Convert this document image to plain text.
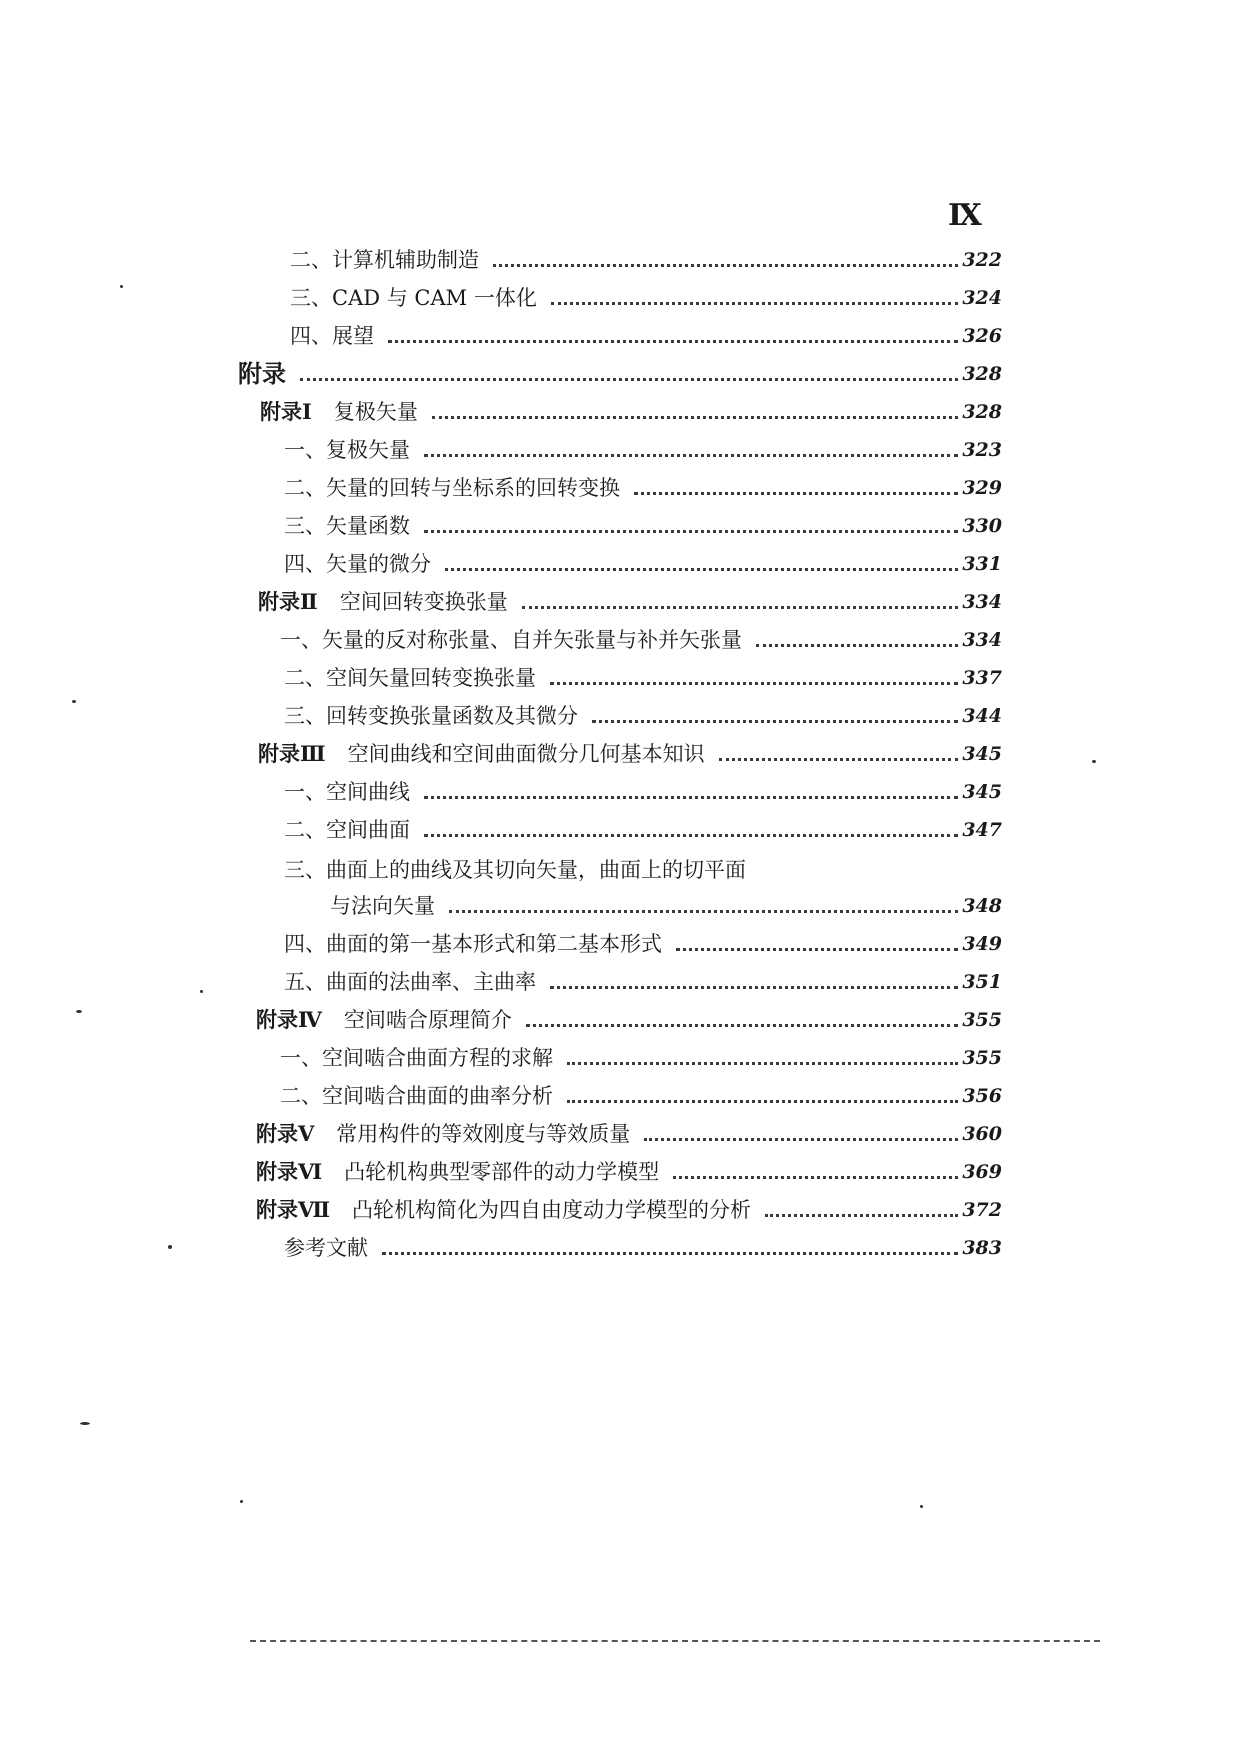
Ⅸ
二、计算机辅助制造	322
三、CAD 与 CAM 一体化	324
四、展望	326
附录	328
附录Ⅰ 复极矢量	328
一、复极矢量	323
二、矢量的回转与坐标系的回转变换	329
三、矢量函数	330
四、矢量的微分	331
附录Ⅱ 空间回转变换张量	334
一、矢量的反对称张量、自并矢张量与补并矢张量	334
二、空间矢量回转变换张量	337
三、回转变换张量函数及其微分	344
附录Ⅲ 空间曲线和空间曲面微分几何基本知识	345
一、空间曲线	345
二、空间曲面	347
三、曲面上的曲线及其切向矢量，曲面上的切平面
与法向矢量	348
四、曲面的第一基本形式和第二基本形式	349
五、曲面的法曲率、主曲率	351
附录Ⅳ 空间啮合原理简介	355
一、空间啮合曲面方程的求解	355
二、空间啮合曲面的曲率分析	356
附录Ⅴ 常用构件的等效刚度与等效质量	360
附录Ⅵ 凸轮机构典型零部件的动力学模型	369
附录Ⅶ 凸轮机构简化为四自由度动力学模型的分析	372
参考文献	383
